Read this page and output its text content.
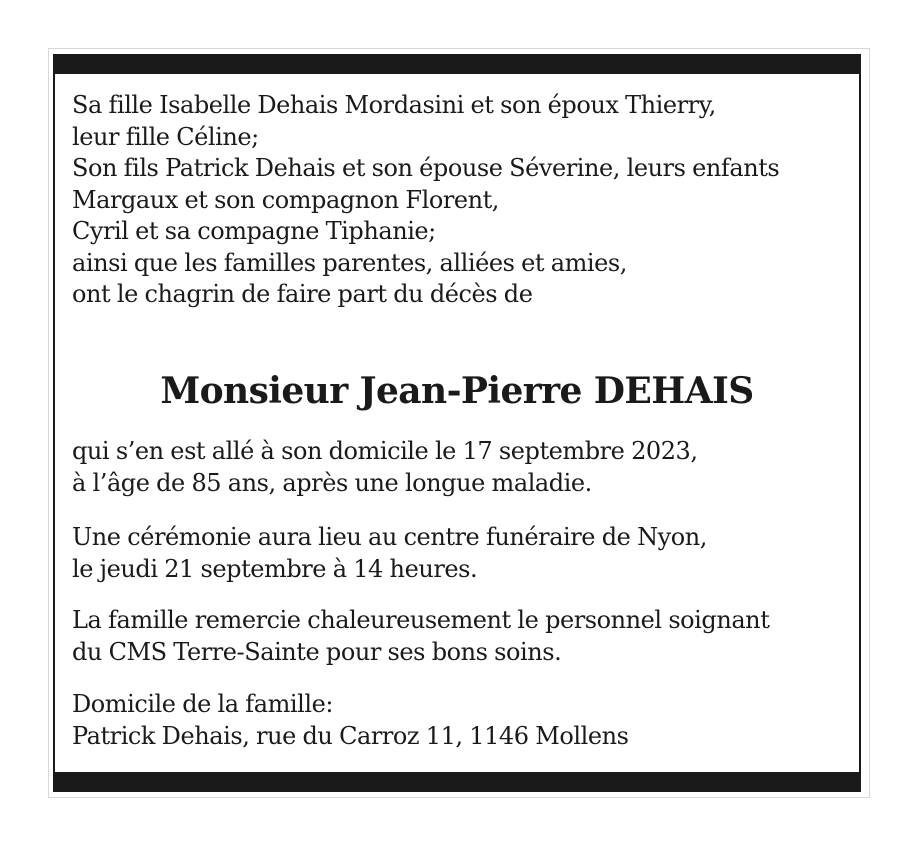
Sa fille Isabelle Dehais Mordasini et son époux Thierry,
leur fille Céline;
Son fils Patrick Dehais et son épouse Séverine, leurs enfants
Margaux et son compagnon Florent,
Cyril et sa compagne Tiphanie;
ainsi que les familles parentes, alliées et amies,
ont le chagrin de faire part du décès de
Monsieur Jean-Pierre DEHAIS
qui s’en est allé à son domicile le 17 septembre 2023,
à l’âge de 85 ans, après une longue maladie.
Une cérémonie aura lieu au centre funéraire de Nyon,
le jeudi 21 septembre à 14 heures.
La famille remercie chaleureusement le personnel soignant
du CMS Terre-Sainte pour ses bons soins.
Domicile de la famille:
Patrick Dehais, rue du Carroz 11, 1146 Mollens
